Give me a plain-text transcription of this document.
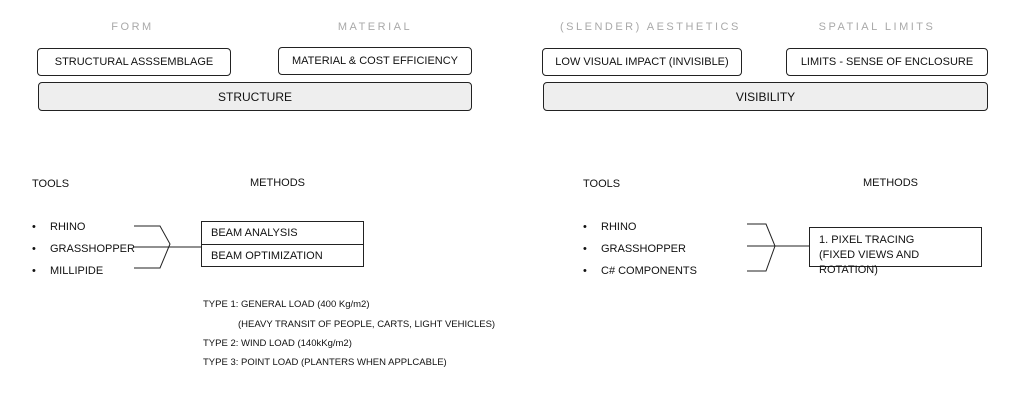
FORM	MATERIAL
STRUCTURAL ASSSEMBLAGE	MATERIAL & COST EFFICIENCY
STRUCTURE
TOOLS	METHODS
• RHINO
• GRASSHOPPER
• MILLIPIDE
BEAM ANALYSIS
BEAM OPTIMIZATION
TYPE 1: GENERAL LOAD (400 Kg/m2)
(HEAVY TRANSIT OF PEOPLE, CARTS, LIGHT VEHICLES)
TYPE 2: WIND LOAD (140kKg/m2)
TYPE 3: POINT LOAD (PLANTERS WHEN APPLCABLE)
(SLENDER) AESTHETICS	SPATIAL LIMITS
LOW VISUAL IMPACT (INVISIBLE)	LIMITS - SENSE OF ENCLOSURE
VISIBILITY
TOOLS	METHODS
• RHINO
• GRASSHOPPER
• C# COMPONENTS
1. PIXEL TRACING
(FIXED VIEWS AND ROTATION)
